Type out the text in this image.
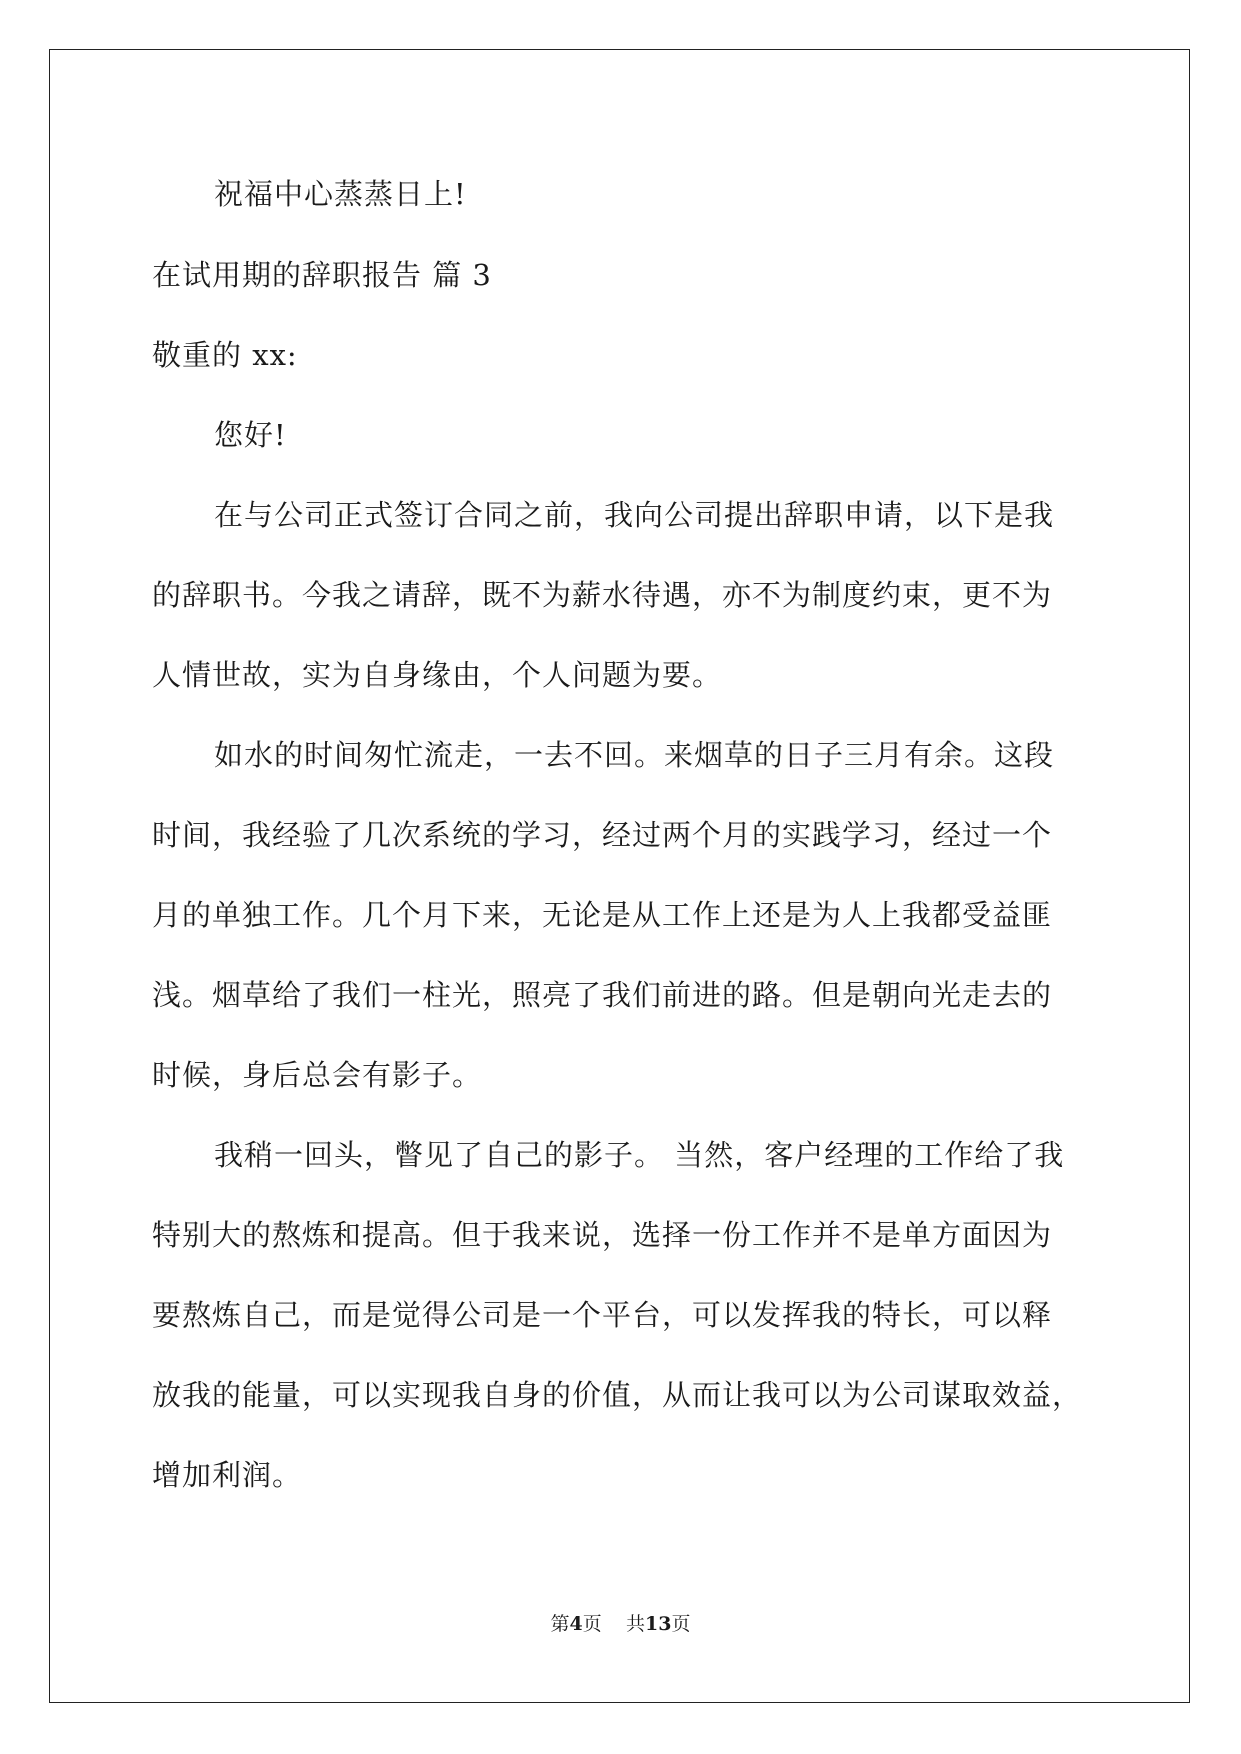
祝福中心蒸蒸日上!
在试用期的辞职报告 篇 3
敬重的 xx:
您好!
在与公司正式签订合同之前，我向公司提出辞职申请，以下是我
的辞职书。今我之请辞，既不为薪水待遇，亦不为制度约束，更不为
人情世故，实为自身缘由，个人问题为要。
如水的时间匆忙流走，一去不回。来烟草的日子三月有余。这段
时间，我经验了几次系统的学习，经过两个月的实践学习，经过一个
月的单独工作。几个月下来，无论是从工作上还是为人上我都受益匪
浅。烟草给了我们一柱光，照亮了我们前进的路。但是朝向光走去的
时候，身后总会有影子。
我稍一回头，瞥见了自己的影子。 当然，客户经理的工作给了我
特别大的熬炼和提高。但于我来说，选择一份工作并不是单方面因为
要熬炼自己，而是觉得公司是一个平台，可以发挥我的特长，可以释
放我的能量，可以实现我自身的价值，从而让我可以为公司谋取效益，
增加利润。
第4页 共13页
